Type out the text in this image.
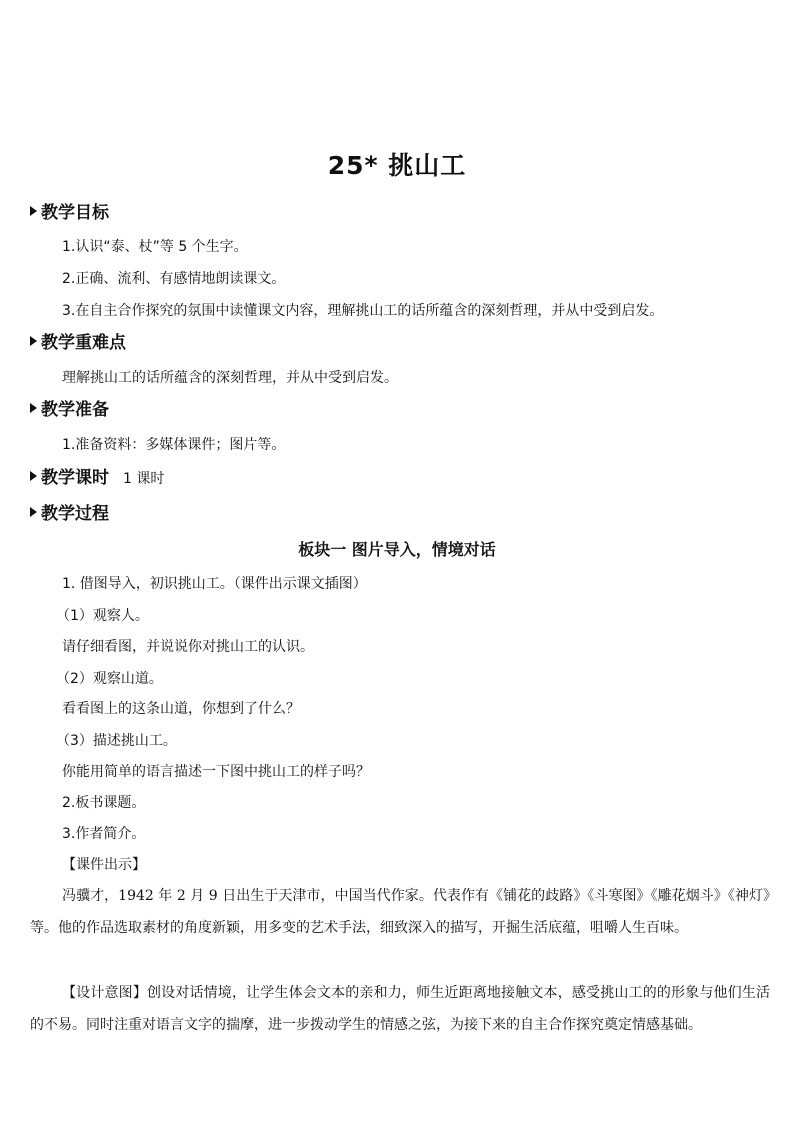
25* 挑山工
教学目标
1.认识“泰、杖”等 5 个生字。
2.正确、流利、有感情地朗读课文。
3.在自主合作探究的氛围中读懂课文内容，理解挑山工的话所蕴含的深刻哲理，并从中受到启发。
教学重难点
理解挑山工的话所蕴含的深刻哲理，并从中受到启发。
教学准备
1.准备资料：多媒体课件；图片等。
教学课时 1 课时
教学过程
板块一 图片导入，情境对话
1. 借图导入，初识挑山工。（课件出示课文插图）
（1）观察人。
请仔细看图，并说说你对挑山工的认识。
（2）观察山道。
看看图上的这条山道，你想到了什么？
（3）描述挑山工。
你能用简单的语言描述一下图中挑山工的样子吗？
2.板书课题。
3.作者简介。
【课件出示】
冯骥才，1942 年 2 月 9 日出生于天津市，中国当代作家。代表作有《铺花的歧路》《斗寒图》《雕花烟斗》《神灯》等。他的作品选取素材的角度新颖，用多变的艺术手法，细致深入的描写，开掘生活底蕴，咀嚼人生百味。
【设计意图】创设对话情境，让学生体会文本的亲和力，师生近距离地接触文本，感受挑山工的的形象与他们生活的不易。同时注重对语言文字的揣摩，进一步拨动学生的情感之弦，为接下来的自主合作探究奠定情感基础。
